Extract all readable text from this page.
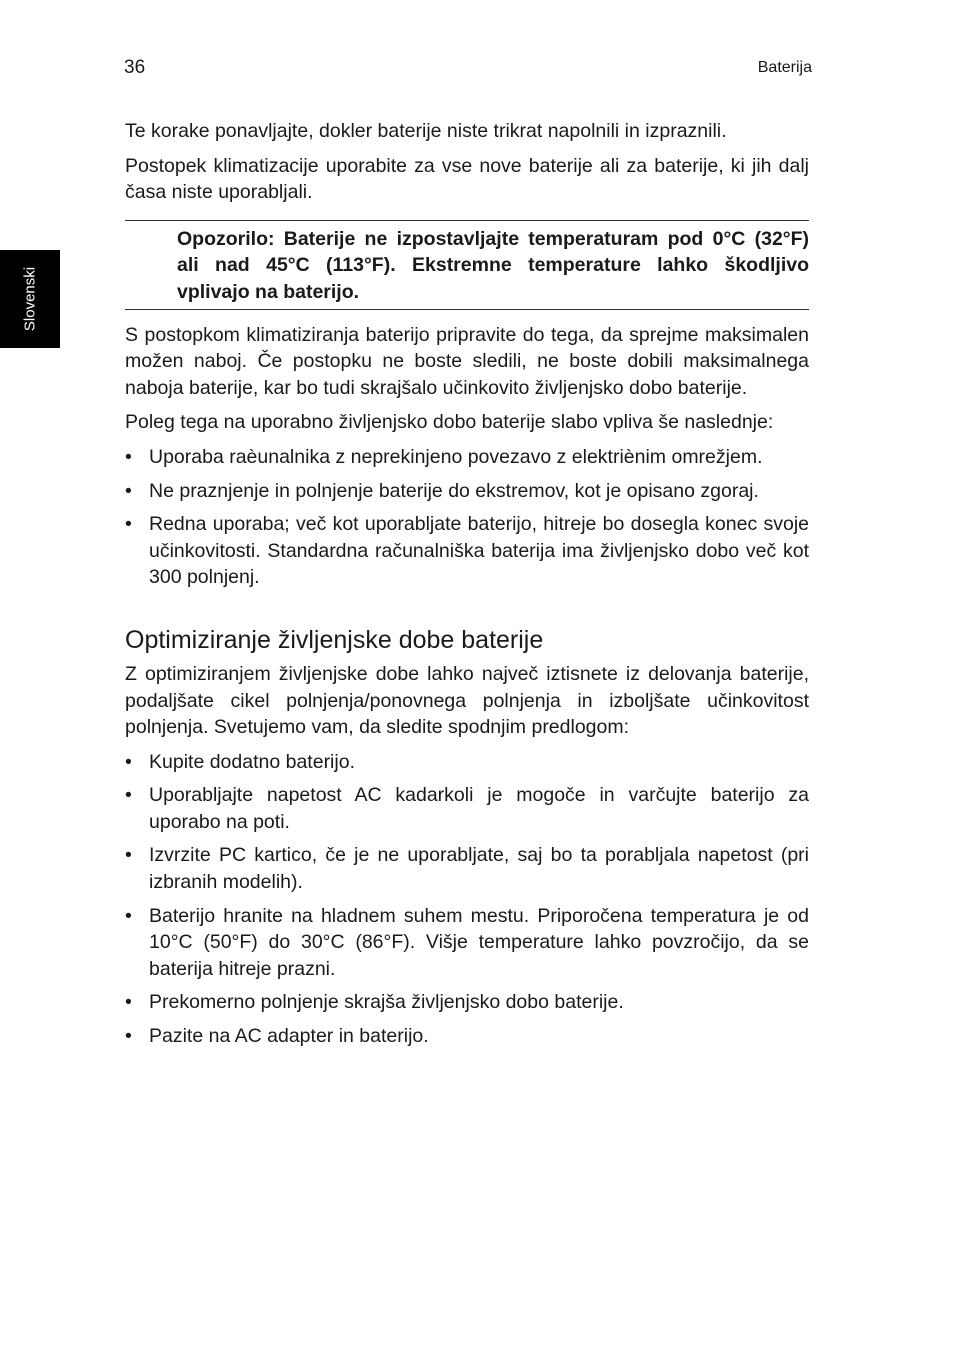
36	Baterija
Slovenski

Te korake ponavljajte, dokler baterije niste trikrat napolnili in izpraznili.

Postopek klimatizacije uporabite za vse nove baterije ali za baterije, ki jih dalj časa niste uporabljali.

Opozorilo: Baterije ne izpostavljajte temperaturam pod 0°C (32°F) ali nad 45°C (113°F). Ekstremne temperature lahko škodljivo vplivajo na baterijo.

S postopkom klimatiziranja baterijo pripravite do tega, da sprejme maksimalen možen naboj. Če postopku ne boste sledili, ne boste dobili maksimalnega naboja baterije, kar bo tudi skrajšalo učinkovito življenjsko dobo baterije.

Poleg tega na uporabno življenjsko dobo baterije slabo vpliva še naslednje:

• Uporaba raèunalnika z neprekinjeno povezavo z elektriènim omrežjem.
• Ne praznjenje in polnjenje baterije do ekstremov, kot je opisano zgoraj.
• Redna uporaba; več kot uporabljate baterijo, hitreje bo dosegla konec svoje učinkovitosti. Standardna računalniška baterija ima življenjsko dobo več kot 300 polnjenj.
Optimiziranje življenjske dobe baterije

Z optimiziranjem življenjske dobe lahko največ iztisnete iz delovanja baterije, podaljšate cikel polnjenja/ponovnega polnjenja in izboljšate učinkovitost polnjenja. Svetujemo vam, da sledite spodnjim predlogom:

• Kupite dodatno baterijo.
• Uporabljajte napetost AC kadarkoli je mogoče in varčujte baterijo za uporabo na poti.
• Izvrzite PC kartico, če je ne uporabljate, saj bo ta porabljala napetost (pri izbranih modelih).
• Baterijo hranite na hladnem suhem mestu. Priporočena temperatura je od 10°C (50°F) do 30°C (86°F). Višje temperature lahko povzročijo, da se baterija hitreje prazni.
• Prekomerno polnjenje skrajša življenjsko dobo baterije.
• Pazite na AC adapter in baterijo.
